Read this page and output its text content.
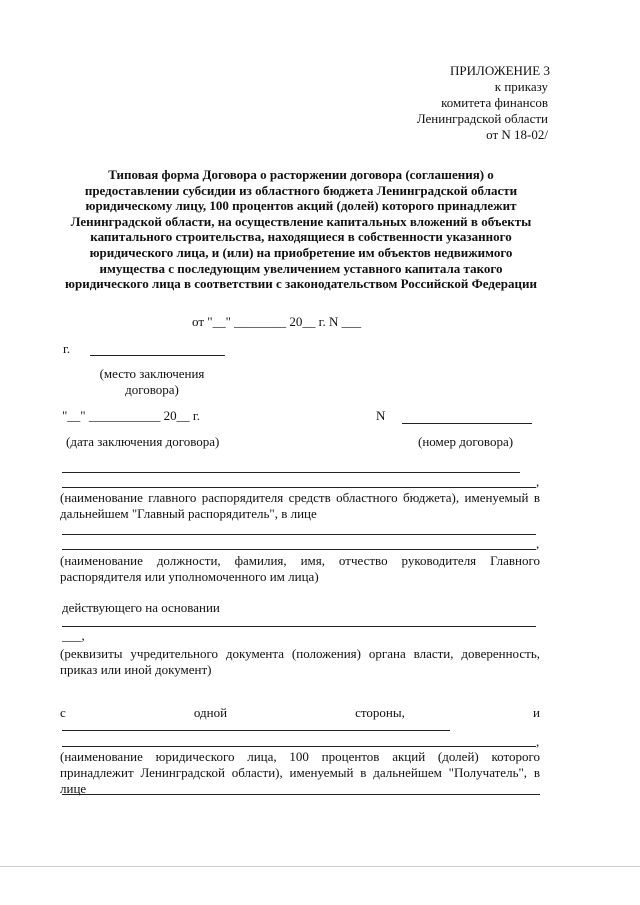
ПРИЛОЖЕНИЕ 3
к приказу
комитета финансов
Ленинградской области
от N 18-02/
Типовая форма Договора о расторжении договора (соглашения) о предоставлении субсидии из областного бюджета Ленинградской области юридическому лицу, 100 процентов акций (долей) которого принадлежит Ленинградской области, на осуществление капитальных вложений в объекты капитального строительства, находящиеся в собственности указанного юридического лица, и (или) на приобретение им объектов недвижимого имущества с последующим увеличением уставного капитала такого юридического лица в соответствии с законодательством Российской Федерации
от "__" ________ 20__ г. N ___
г.
(место заключения договора)
"__" ___________ 20__ г.	N
(дата заключения договора)	(номер договора)
,
(наименование главного распорядителя средств областного бюджета), именуемый в дальнейшем "Главный распорядитель", в лице
,
(наименование должности, фамилия, имя, отчество руководителя Главного распорядителя или уполномоченного им лица)
действующего на основании
___,
(реквизиты учредительного документа (положения) органа власти, доверенность, приказ или иной документ)
с	одной	стороны,	и
,
(наименование юридического лица, 100 процентов акций (долей) которого принадлежит Ленинградской области), именуемый в дальнейшем "Получатель", в лице
